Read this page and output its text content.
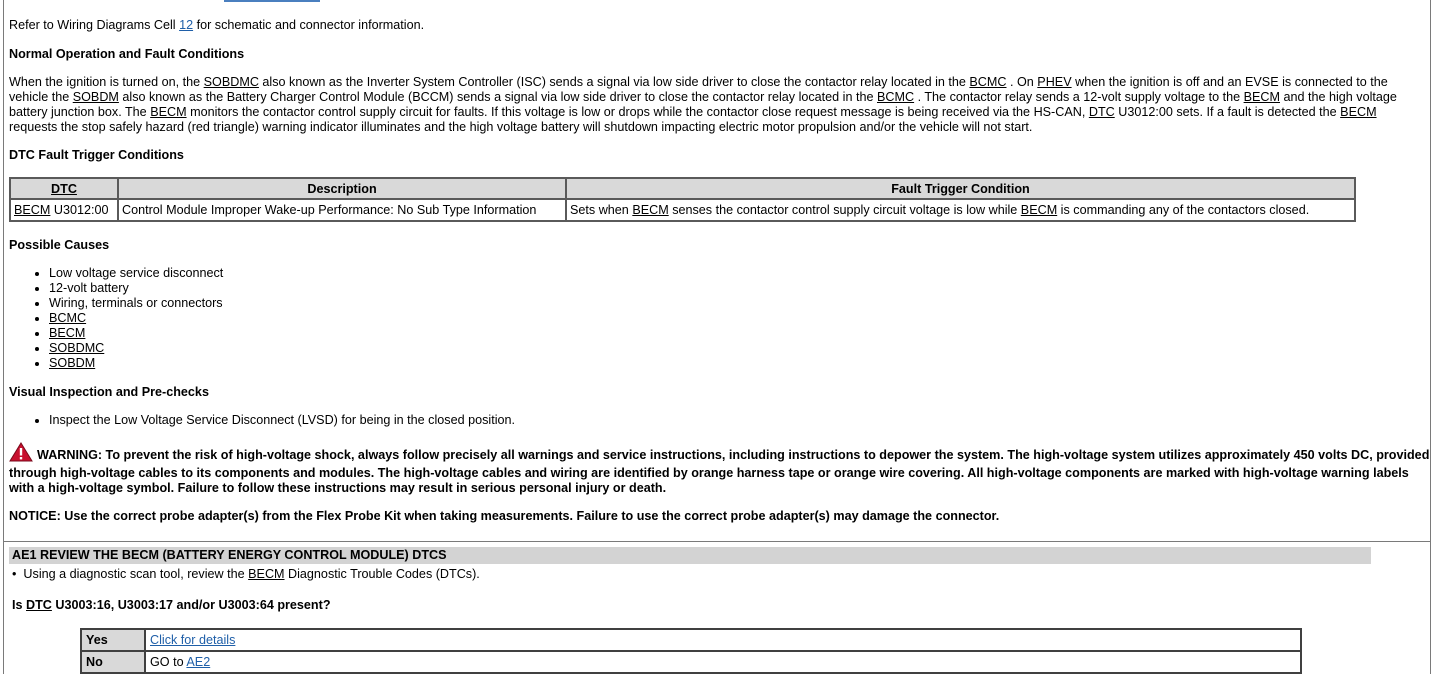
Refer to Wiring Diagrams Cell 12 for schematic and connector information.
Normal Operation and Fault Conditions

When the ignition is turned on, the SOBDMC also known as the Inverter System Controller (ISC) sends a signal via low side driver to close the contactor relay located in the BCMC . On PHEV when the ignition is off and an EVSE is connected to the vehicle the SOBDM also known as the Battery Charger Control Module (BCCM) sends a signal via low side driver to close the contactor relay located in the BCMC . The contactor relay sends a 12-volt supply voltage to the BECM and the high voltage battery junction box. The BECM monitors the contactor control supply circuit for faults. If this voltage is low or drops while the contactor close request message is being received via the HS-CAN, DTC U3012:00 sets. If a fault is detected the BECM requests the stop safely hazard (red triangle) warning indicator illuminates and the high voltage battery will shutdown impacting electric motor propulsion and/or the vehicle will not start.

DTC Fault Trigger Conditions
DTC	Description	Fault Trigger Condition
BECM U3012:00	Control Module Improper Wake-up Performance: No Sub Type Information	Sets when BECM senses the contactor control supply circuit voltage is low while BECM is commanding any of the contactors closed.
Possible Causes
• Low voltage service disconnect
• 12-volt battery
• Wiring, terminals or connectors
• BCMC
• BECM
• SOBDMC
• SOBDM
Visual Inspection and Pre-checks
• Inspect the Low Voltage Service Disconnect (LVSD) for being in the closed position.
WARNING: To prevent the risk of high-voltage shock, always follow precisely all warnings and service instructions, including instructions to depower the system. The high-voltage system utilizes approximately 450 volts DC, provided through high-voltage cables to its components and modules. The high-voltage cables and wiring are identified by orange harness tape or orange wire covering. All high-voltage components are marked with high-voltage warning labels with a high-voltage symbol. Failure to follow these instructions may result in serious personal injury or death.
NOTICE: Use the correct probe adapter(s) from the Flex Probe Kit when taking measurements. Failure to use the correct probe adapter(s) may damage the connector.
AE1 REVIEW THE BECM (BATTERY ENERGY CONTROL MODULE) DTCS
•  Using a diagnostic scan tool, review the BECM Diagnostic Trouble Codes (DTCs).
Is DTC U3003:16, U3003:17 and/or U3003:64 present?
Yes	Click for details
No	GO to AE2
